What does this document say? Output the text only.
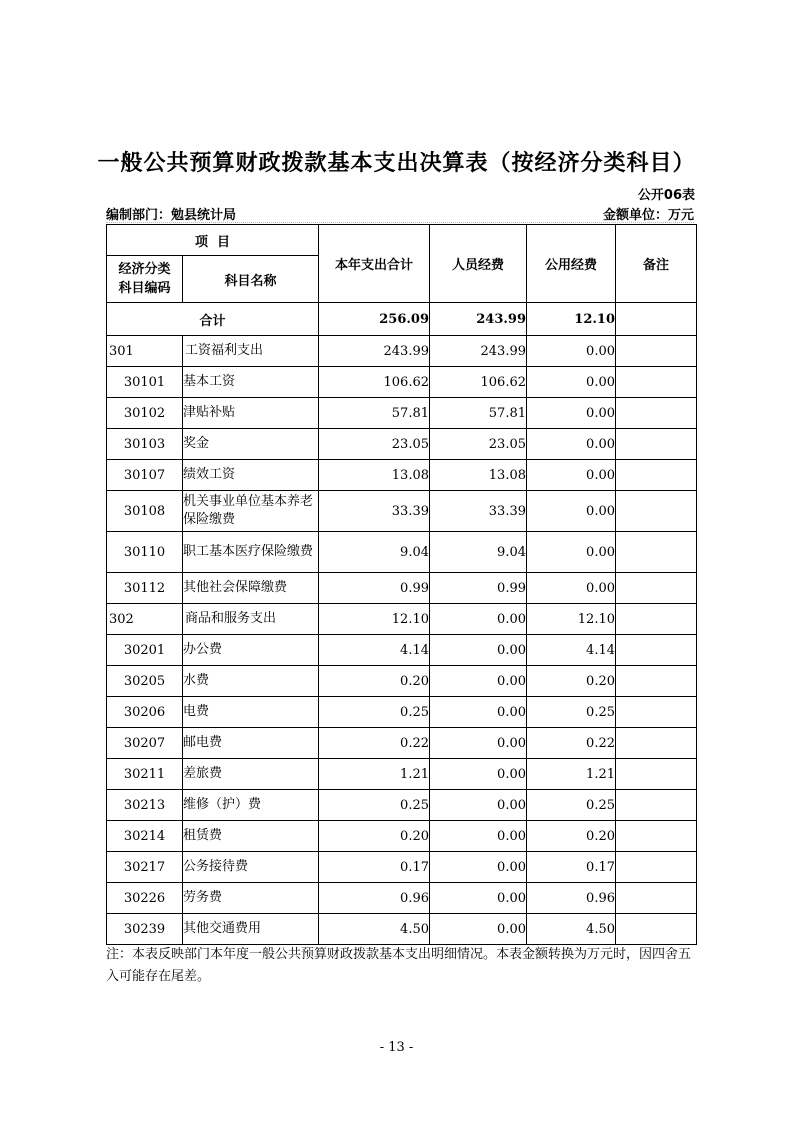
一般公共预算财政拨款基本支出决算表（按经济分类科目）
公开06表
编制部门：勉县统计局	金额单位：万元
项  目		本年支出合计	人员经费	公用经费	备注
经济分类
科目编码	科目名称				
合计		256.09	243.99	12.10	
301	工资福利支出	243.99	243.99	0.00	
30101	基本工资	106.62	106.62	0.00	
30102	津贴补贴	57.81	57.81	0.00	
30103	奖金	23.05	23.05	0.00	
30107	绩效工资	13.08	13.08	0.00	
30108	机关事业单位基本养老保险缴费	33.39	33.39	0.00	
30110	职工基本医疗保险缴费	9.04	9.04	0.00	
30112	其他社会保障缴费	0.99	0.99	0.00	
302	商品和服务支出	12.10	0.00	12.10	
30201	办公费	4.14	0.00	4.14	
30205	水费	0.20	0.00	0.20	
30206	电费	0.25	0.00	0.25	
30207	邮电费	0.22	0.00	0.22	
30211	差旅费	1.21	0.00	1.21	
30213	维修（护）费	0.25	0.00	0.25	
30214	租赁费	0.20	0.00	0.20	
30217	公务接待费	0.17	0.00	0.17	
30226	劳务费	0.96	0.00	0.96	
30239	其他交通费用	4.50	0.00	4.50	
注：本表反映部门本年度一般公共预算财政拨款基本支出明细情况。本表金额转换为万元时，因四舍五入可能存在尾差。
- 13 -
